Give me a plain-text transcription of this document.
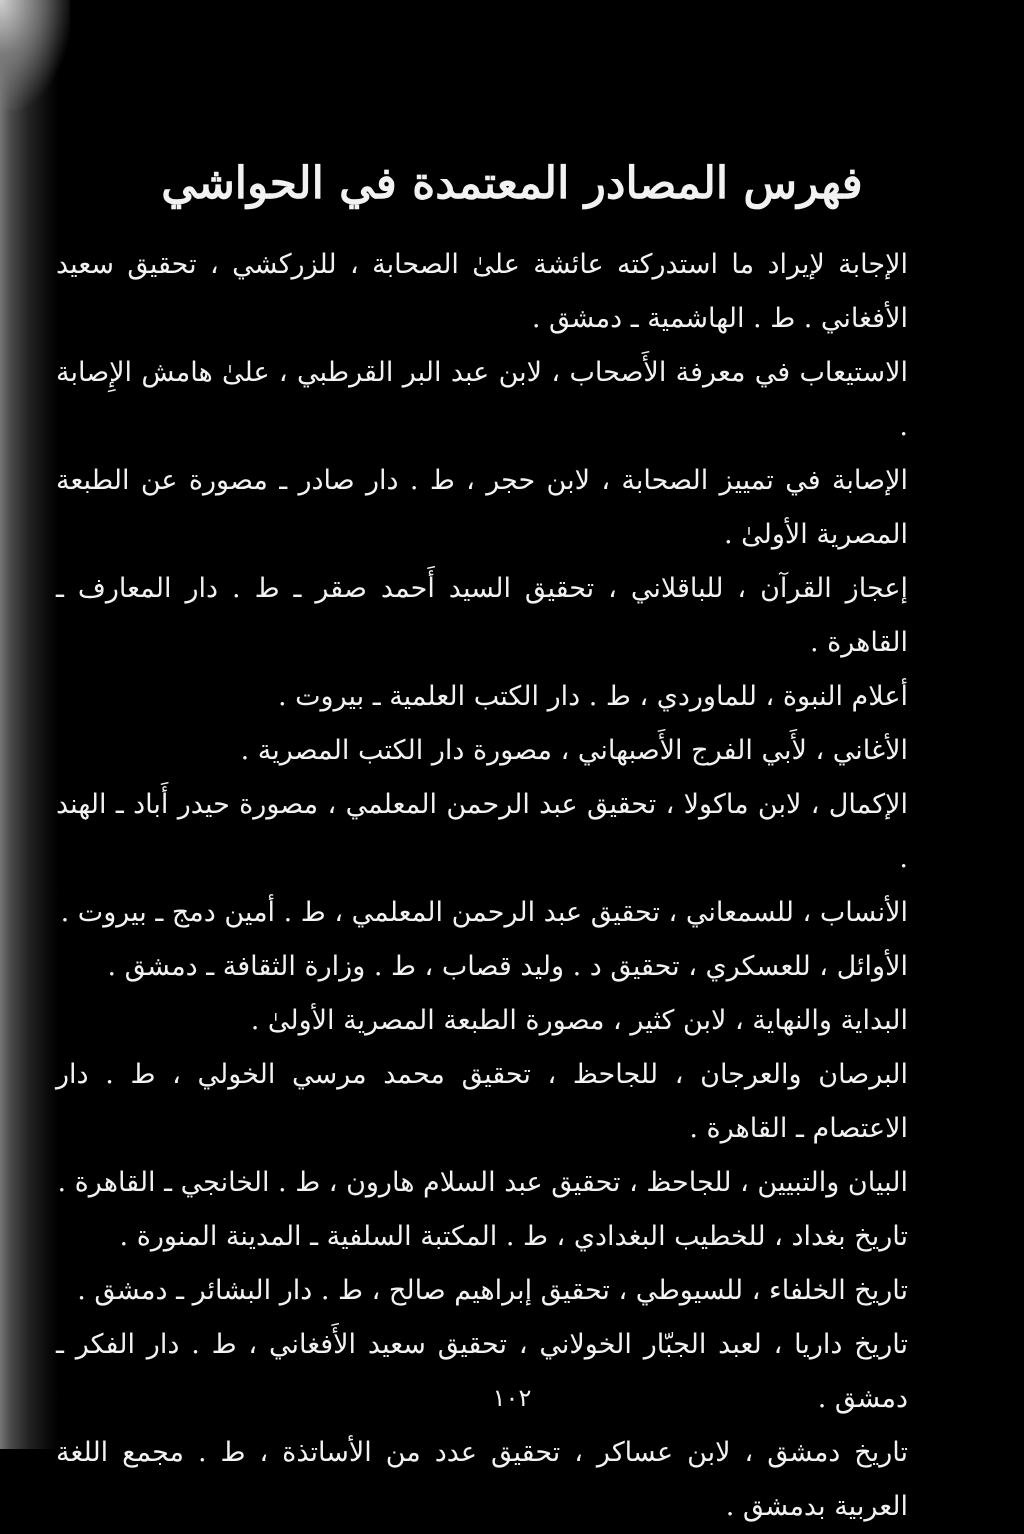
فهرس المصادر المعتمدة في الحواشي

الإجابة لإيراد ما استدركته عائشة علىٰ الصحابة ، للزركشي ، تحقيق سعيد الأفغاني . ط . الهاشمية ـ دمشق .

الاستيعاب في معرفة الأَصحاب ، لابن عبد البر القرطبي ، علىٰ هامش الإِصابة .

الإصابة في تمييز الصحابة ، لابن حجر ، ط . دار صادر ـ مصورة عن الطبعة المصرية الأولىٰ .

إعجاز القرآن ، للباقلاني ، تحقيق السيد أَحمد صقر ـ ط . دار المعارف ـ القاهرة .

أعلام النبوة ، للماوردي ، ط . دار الكتب العلمية ـ بيروت .

الأغاني ، لأَبي الفرج الأَصبهاني ، مصورة دار الكتب المصرية .

الإكمال ، لابن ماكولا ، تحقيق عبد الرحمن المعلمي ، مصورة حيدر أَباد ـ الهند .

الأنساب ، للسمعاني ، تحقيق عبد الرحمن المعلمي ، ط . أمين دمج ـ بيروت .

الأوائل ، للعسكري ، تحقيق د . وليد قصاب ، ط . وزارة الثقافة ـ دمشق .

البداية والنهاية ، لابن كثير ، مصورة الطبعة المصرية الأولىٰ .

البرصان والعرجان ، للجاحظ ، تحقيق محمد مرسي الخولي ، ط . دار الاعتصام ـ القاهرة .

البيان والتبيين ، للجاحظ ، تحقيق عبد السلام هارون ، ط . الخانجي ـ القاهرة .

تاريخ بغداد ، للخطيب البغدادي ، ط . المكتبة السلفية ـ المدينة المنورة .

تاريخ الخلفاء ، للسيوطي ، تحقيق إبراهيم صالح ، ط . دار البشائر ـ دمشق .

تاريخ داريا ، لعبد الجبّار الخولاني ، تحقيق سعيد الأَفغاني ، ط . دار الفكر ـ دمشق .

تاريخ دمشق ، لابن عساكر ، تحقيق عدد من الأساتذة ، ط . مجمع اللغة العربية بدمشق .

١٠٢
